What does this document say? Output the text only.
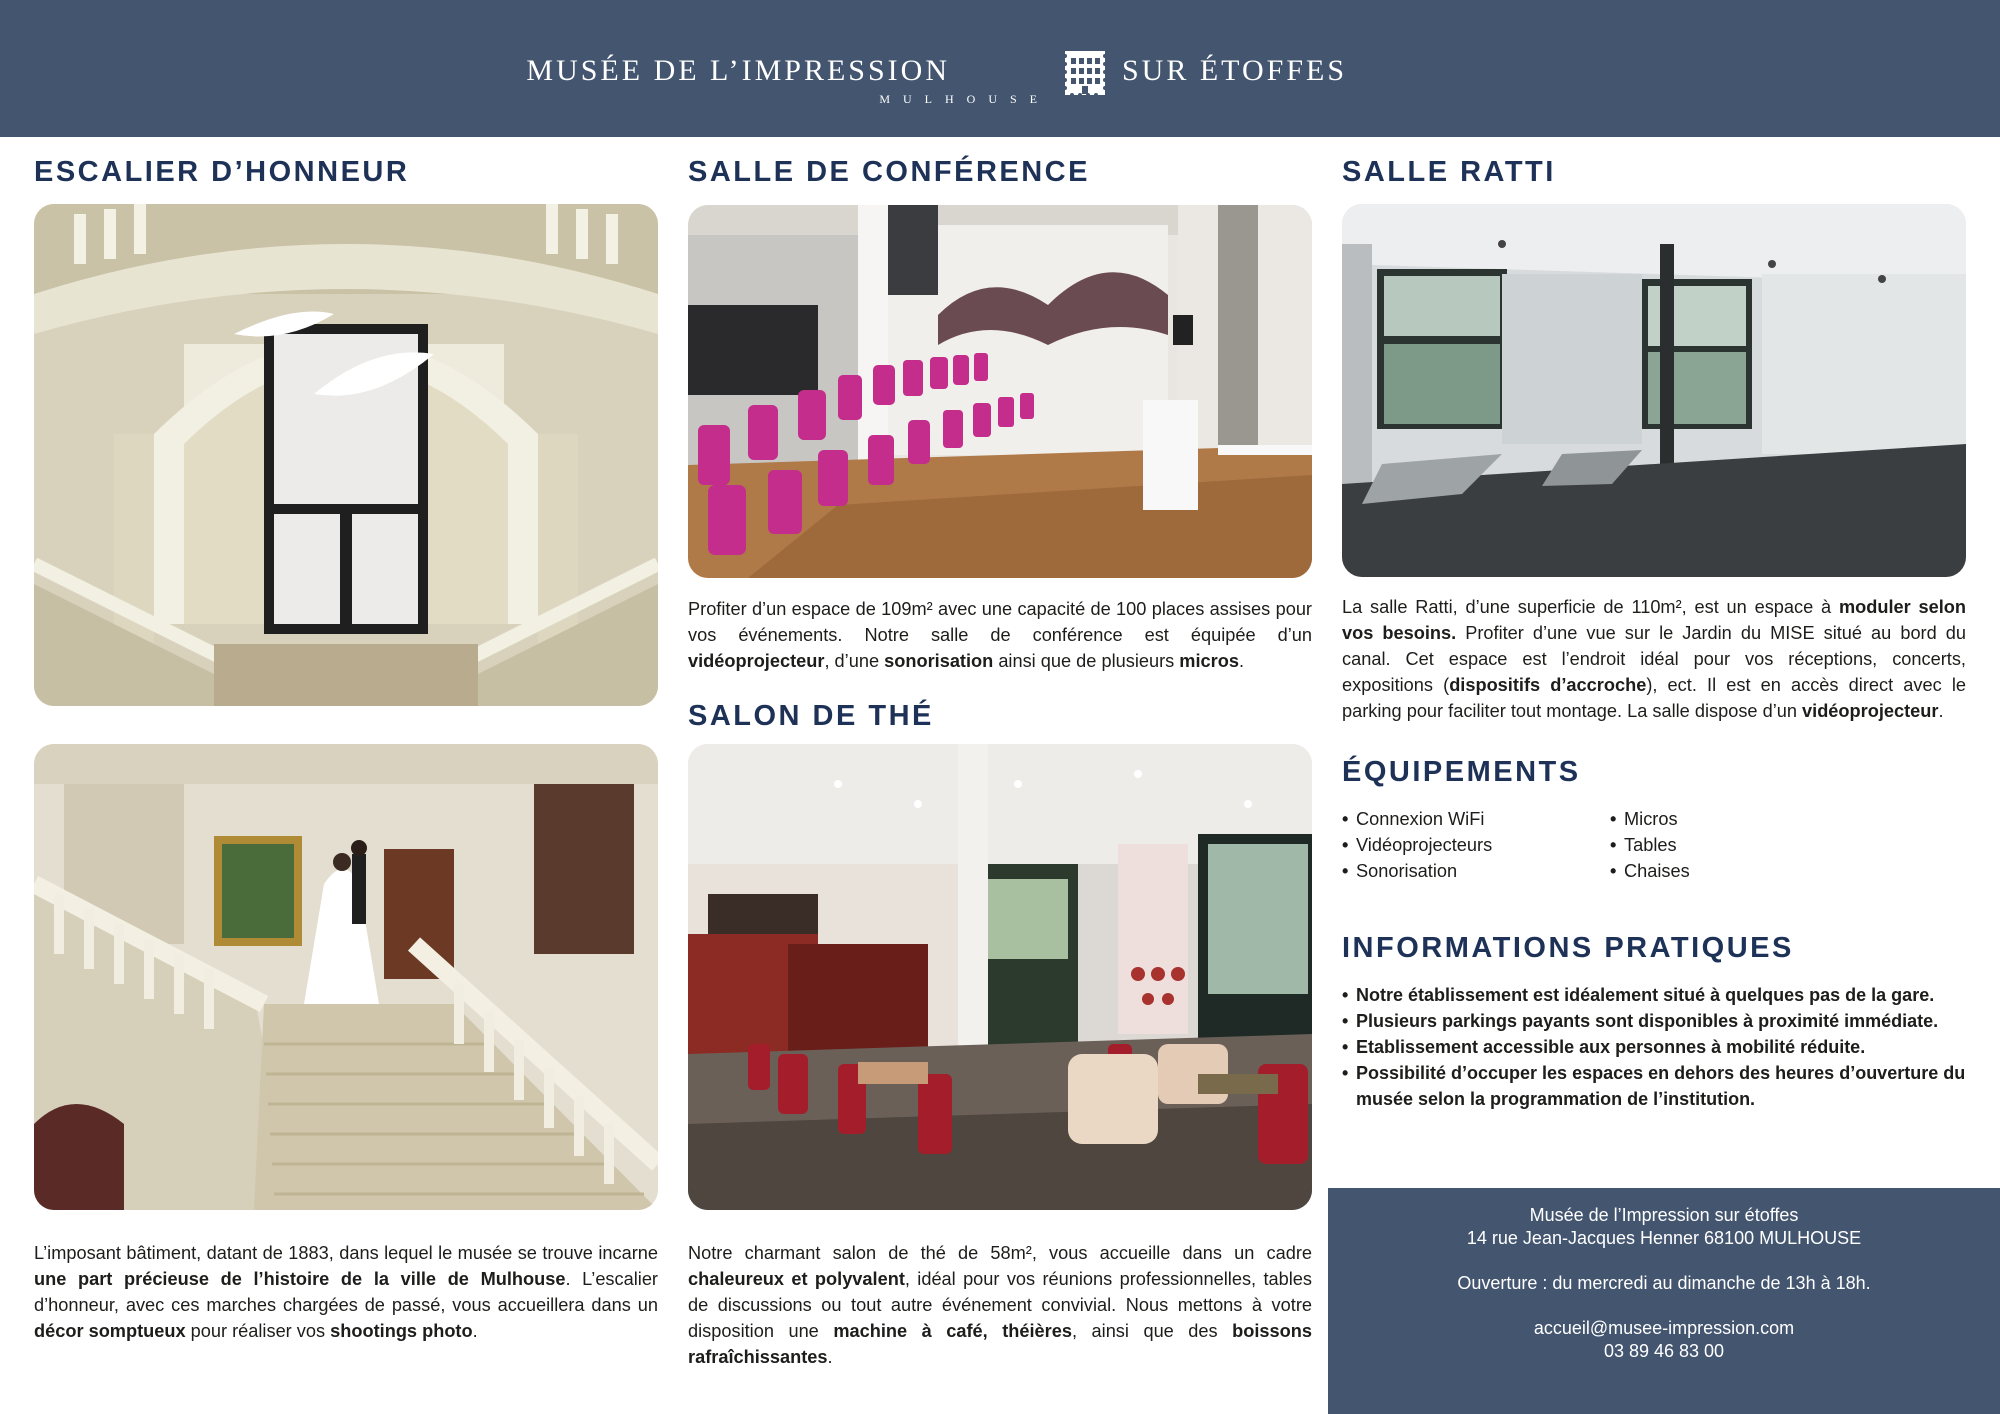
MUSÉE DE L’IMPRESSION	SUR ÉTOFFES
MULHOUSE
ESCALIER D’HONNEUR

L’imposant bâtiment, datant de 1883, dans lequel le musée se trouve incarne une part précieuse de l’histoire de la ville de Mulhouse. L’escalier d’honneur, avec ces marches chargées de passé, vous accueillera dans un décor somptueux pour réaliser vos shootings photo.

SALLE DE CONFÉRENCE

Profiter d’un espace de 109m² avec une capacité de 100 places assises pour vos événements. Notre salle de conférence est équipée d’un vidéoprojecteur, d’une sonorisation ainsi que de plusieurs micros.

SALON DE THÉ

Notre charmant salon de thé de 58m², vous accueille dans un cadre chaleureux et polyvalent, idéal pour vos réunions professionnelles, tables de discussions ou tout autre événement convivial. Nous mettons à votre disposition une machine à café, théières, ainsi que des boissons rafraîchissantes.

SALLE RATTI

La salle Ratti, d’une superficie de 110m², est un espace à moduler selon vos besoins. Profiter d’une vue sur le Jardin du MISE situé au bord du canal. Cet espace est l’endroit idéal pour vos réceptions, concerts, expositions (dispositifs d’accroche), ect. Il est en accès direct avec le parking pour faciliter tout montage. La salle dispose d’un vidéoprojecteur.

ÉQUIPEMENTS
• Connexion WiFi
• Vidéoprojecteurs
• Sonorisation
• Micros
• Tables
• Chaises
INFORMATIONS PRATIQUES
• Notre établissement est idéalement situé à quelques pas de la gare.
• Plusieurs parkings payants sont disponibles à proximité immédiate.
• Etablissement accessible aux personnes à mobilité réduite.
• Possibilité d’occuper les espaces en dehors des heures d’ouverture du musée selon la programmation de l’institution.
Musée de l’Impression sur étoffes
14 rue Jean-Jacques Henner 68100 MULHOUSE
Ouverture : du mercredi au dimanche de 13h à 18h.
accueil@musee-impression.com
03 89 46 83 00
